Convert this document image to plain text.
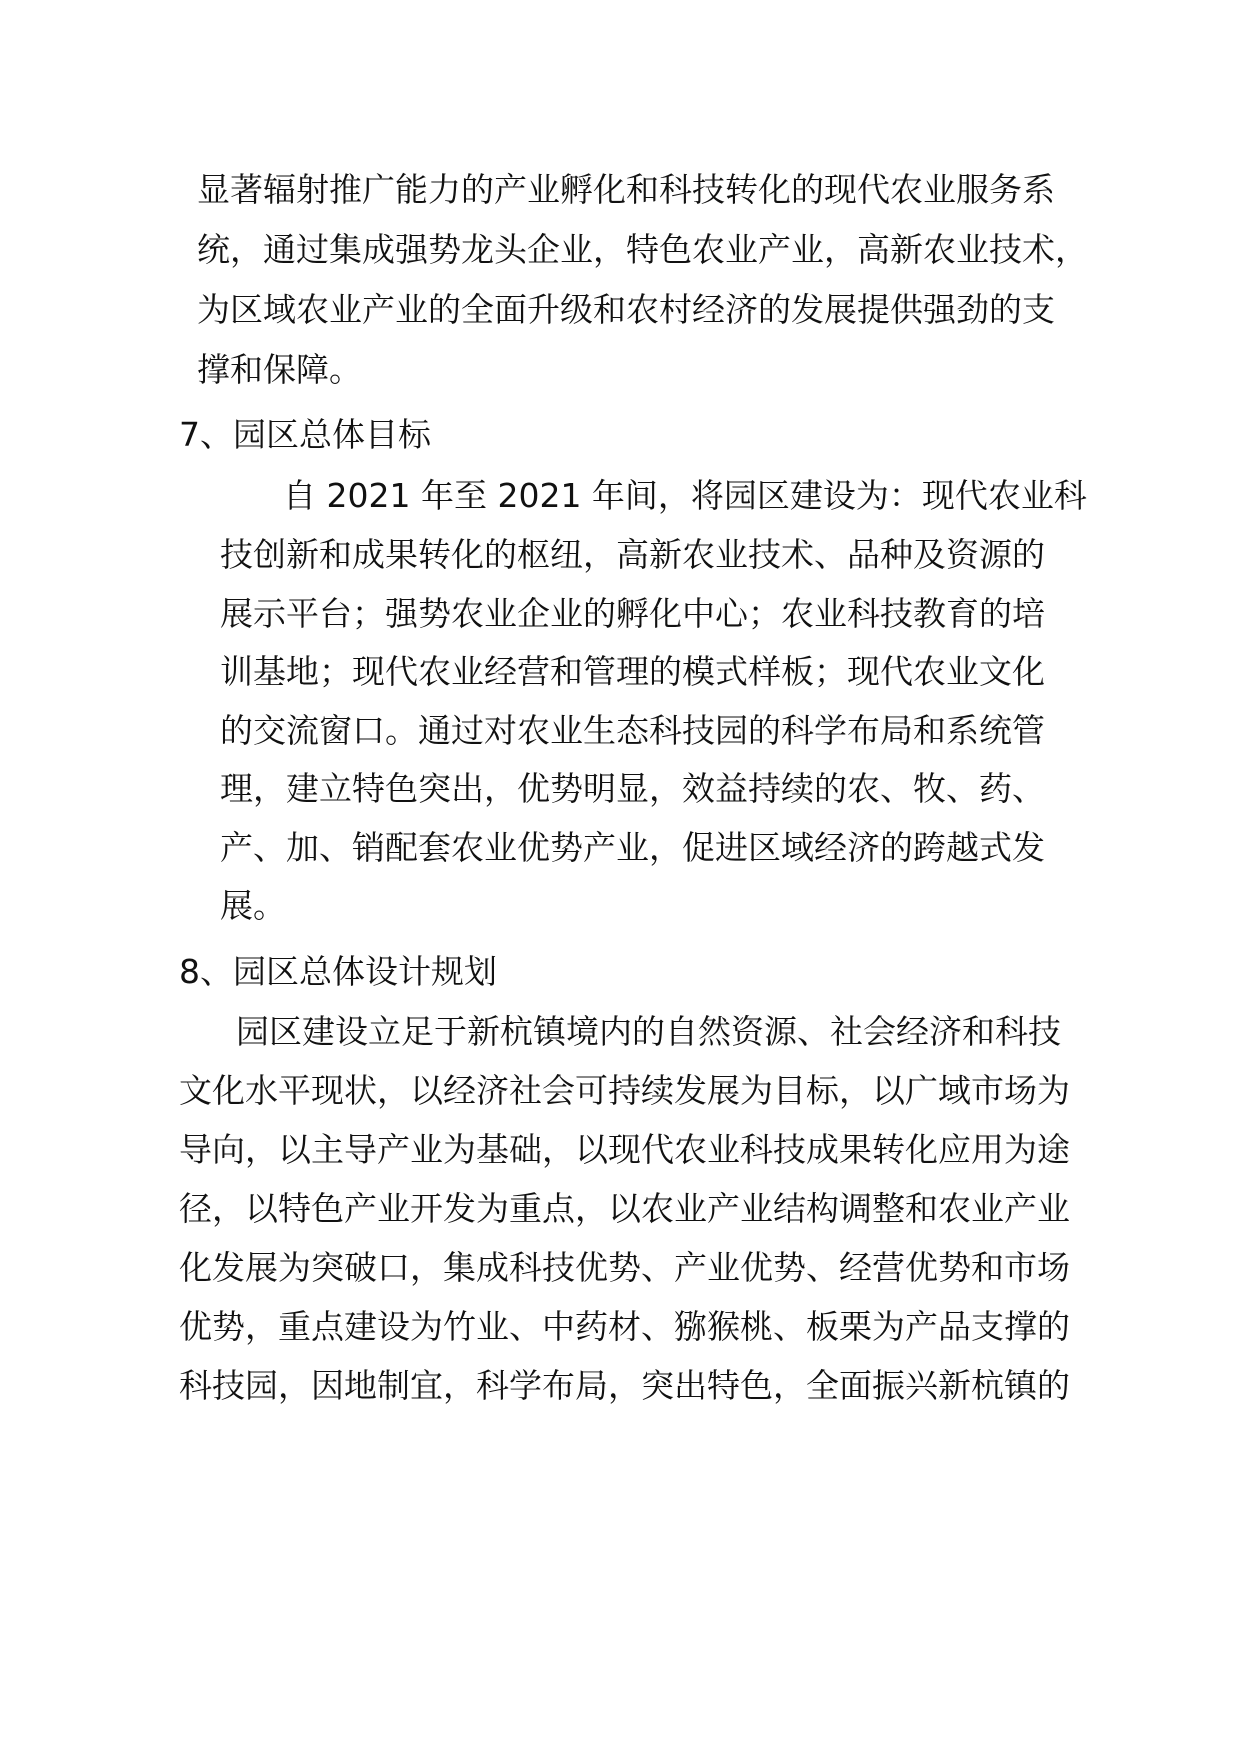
显著辐射推广能力的产业孵化和科技转化的现代农业服务系
统，通过集成强势龙头企业，特色农业产业，高新农业技术，
为区域农业产业的全面升级和农村经济的发展提供强劲的支
撑和保障。
7、园区总体目标
自 2021 年至 2021 年间，将园区建设为：现代农业科
技创新和成果转化的枢纽，高新农业技术、品种及资源的
展示平台；强势农业企业的孵化中心；农业科技教育的培
训基地；现代农业经营和管理的模式样板；现代农业文化
的交流窗口。通过对农业生态科技园的科学布局和系统管
理，建立特色突出，优势明显，效益持续的农、牧、药、
产、加、销配套农业优势产业，促进区域经济的跨越式发
展。
8、园区总体设计规划
园区建设立足于新杭镇境内的自然资源、社会经济和科技
文化水平现状，以经济社会可持续发展为目标，以广域市场为
导向，以主导产业为基础，以现代农业科技成果转化应用为途
径，以特色产业开发为重点，以农业产业结构调整和农业产业
化发展为突破口，集成科技优势、产业优势、经营优势和市场
优势，重点建设为竹业、中药材、猕猴桃、板栗为产品支撑的
科技园，因地制宜，科学布局，突出特色，全面振兴新杭镇的
